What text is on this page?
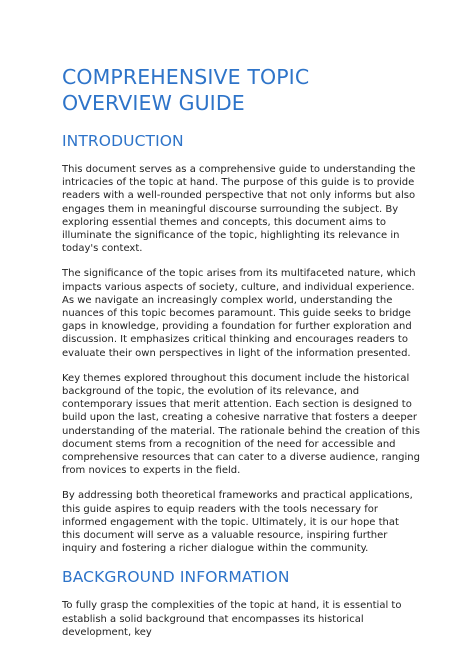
COMPREHENSIVE TOPIC OVERVIEW GUIDE
INTRODUCTION

This document serves as a comprehensive guide to understanding the intricacies of the topic at hand. The purpose of this guide is to provide readers with a well-rounded perspective that not only informs but also engages them in meaningful discourse surrounding the subject. By exploring essential themes and concepts, this document aims to illuminate the significance of the topic, highlighting its relevance in today's context.

The significance of the topic arises from its multifaceted nature, which impacts various aspects of society, culture, and individual experience. As we navigate an increasingly complex world, understanding the nuances of this topic becomes paramount. This guide seeks to bridge gaps in knowledge, providing a foundation for further exploration and discussion. It emphasizes critical thinking and encourages readers to evaluate their own perspectives in light of the information presented.

Key themes explored throughout this document include the historical background of the topic, the evolution of its relevance, and contemporary issues that merit attention. Each section is designed to build upon the last, creating a cohesive narrative that fosters a deeper understanding of the material. The rationale behind the creation of this document stems from a recognition of the need for accessible and comprehensive resources that can cater to a diverse audience, ranging from novices to experts in the field.

By addressing both theoretical frameworks and practical applications, this guide aspires to equip readers with the tools necessary for informed engagement with the topic. Ultimately, it is our hope that this document will serve as a valuable resource, inspiring further inquiry and fostering a richer dialogue within the community.

BACKGROUND INFORMATION

To fully grasp the complexities of the topic at hand, it is essential to establish a solid background that encompasses its historical development, key
